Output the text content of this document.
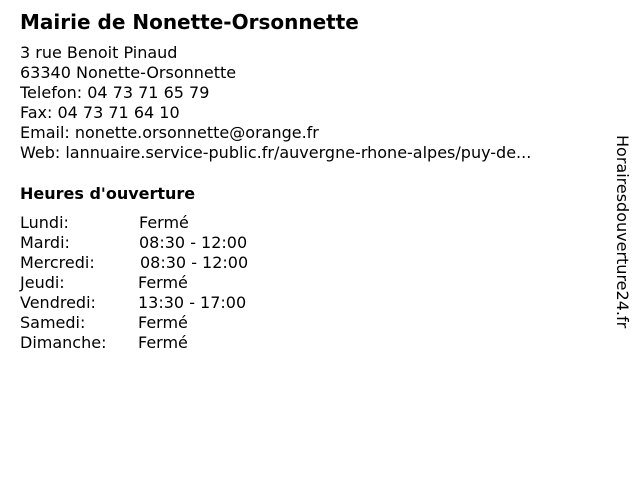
Mairie de Nonette-Orsonnette
3 rue Benoit Pinaud
63340 Nonette-Orsonnette
Telefon: 04 73 71 65 79
Fax: 04 73 71 64 10
Email: nonette.orsonnette@orange.fr
Web: lannuaire.service-public.fr/auvergne-rhone-alpes/puy-de...
Heures d'ouverture
Lundi:	Fermé
Mardi:	08:30 - 12:00
Mercredi:	08:30 - 12:00
Jeudi:	Fermé
Vendredi:	13:30 - 17:00
Samedi:	Fermé
Dimanche: Fermé
Horairesdouverture24.fr
